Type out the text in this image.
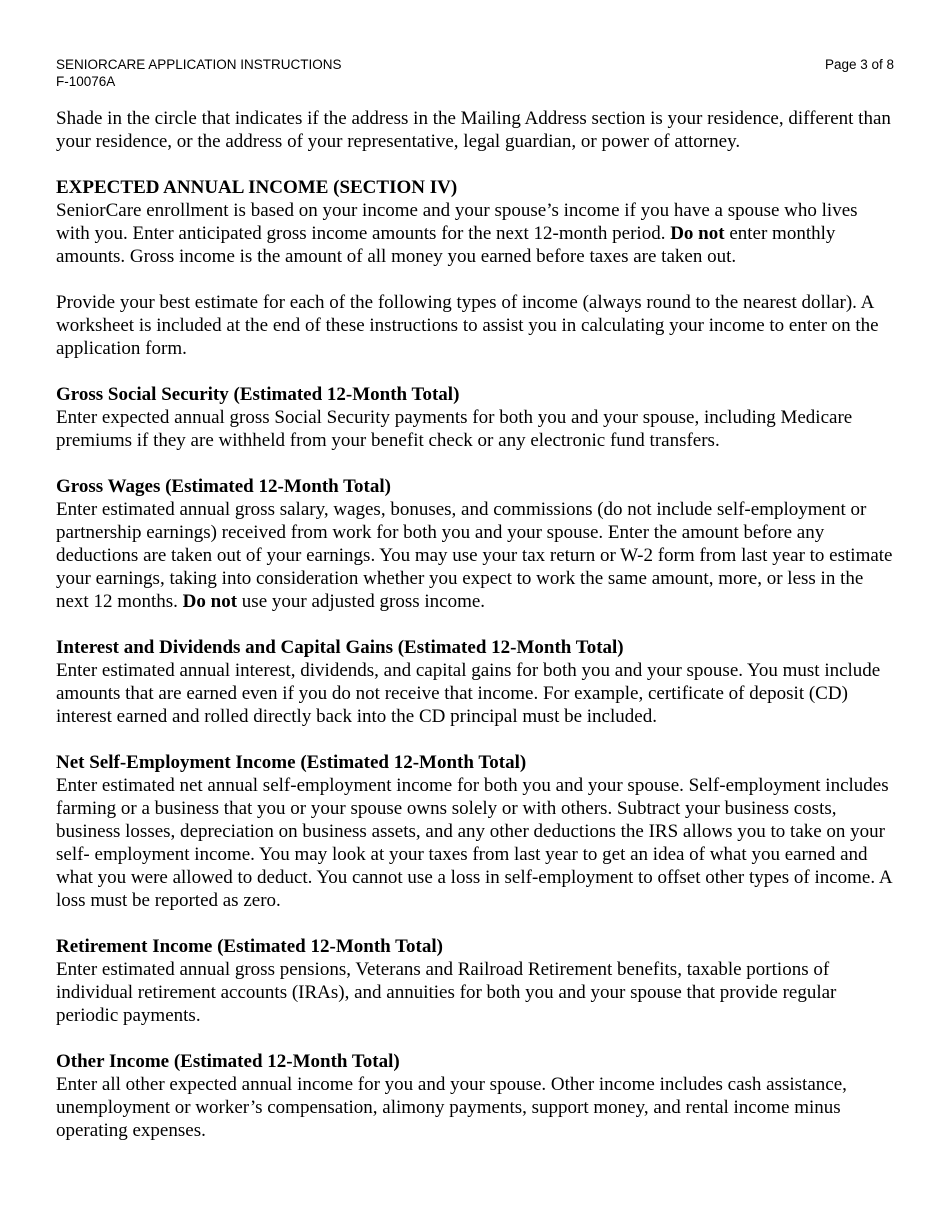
SENIORCARE APPLICATION INSTRUCTIONS
F-10076A
Page 3 of 8

Shade in the circle that indicates if the address in the Mailing Address section is your residence, different than your residence, or the address of your representative, legal guardian, or power of attorney.

EXPECTED ANNUAL INCOME (SECTION IV)

SeniorCare enrollment is based on your income and your spouse’s income if you have a spouse who lives with you. Enter anticipated gross income amounts for the next 12-month period. Do not enter monthly amounts. Gross income is the amount of all money you earned before taxes are taken out.

Provide your best estimate for each of the following types of income (always round to the nearest dollar). A worksheet is included at the end of these instructions to assist you in calculating your income to enter on the application form.

Gross Social Security (Estimated 12-Month Total)

Enter expected annual gross Social Security payments for both you and your spouse, including Medicare premiums if they are withheld from your benefit check or any electronic fund transfers.

Gross Wages (Estimated 12-Month Total)

Enter estimated annual gross salary, wages, bonuses, and commissions (do not include self-employment or partnership earnings) received from work for both you and your spouse. Enter the amount before any deductions are taken out of your earnings. You may use your tax return or W-2 form from last year to estimate your earnings, taking into consideration whether you expect to work the same amount, more, or less in the next 12 months. Do not use your adjusted gross income.

Interest and Dividends and Capital Gains (Estimated 12-Month Total)

Enter estimated annual interest, dividends, and capital gains for both you and your spouse. You must include amounts that are earned even if you do not receive that income. For example, certificate of deposit (CD) interest earned and rolled directly back into the CD principal must be included.

Net Self-Employment Income (Estimated 12-Month Total)

Enter estimated net annual self-employment income for both you and your spouse. Self-employment includes farming or a business that you or your spouse owns solely or with others. Subtract your business costs, business losses, depreciation on business assets, and any other deductions the IRS allows you to take on your self- employment income. You may look at your taxes from last year to get an idea of what you earned and what you were allowed to deduct. You cannot use a loss in self-employment to offset other types of income. A loss must be reported as zero.

Retirement Income (Estimated 12-Month Total)

Enter estimated annual gross pensions, Veterans and Railroad Retirement benefits, taxable portions of individual retirement accounts (IRAs), and annuities for both you and your spouse that provide regular periodic payments.

Other Income (Estimated 12-Month Total)

Enter all other expected annual income for you and your spouse. Other income includes cash assistance, unemployment or worker’s compensation, alimony payments, support money, and rental income minus operating expenses.
